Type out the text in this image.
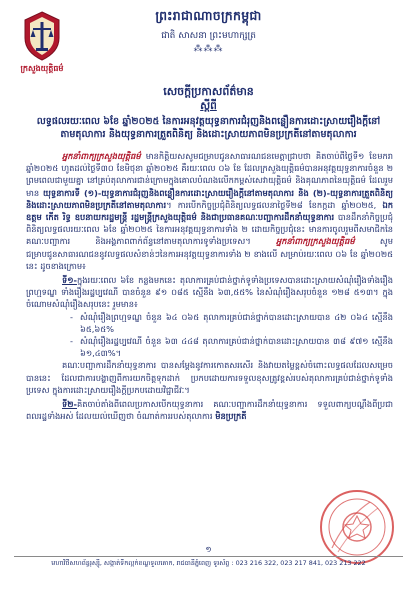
ក្រសួងយុត្តិធម៌
ព្រះរាជាណាចក្រកម្ពុជា
ជាតិ សាសនា ព្រះមហាក្សត្រ
⁂⁂⁂
សេចក្តីប្រកាសព័ត៌មាន
ស្តីពី
លទ្ធផលរយៈពេល ៦ខែ ឆ្នាំ២០២៥ នៃការអនុវត្តយុទ្ធនាការជំរុញនិងពន្លឿនការដោះស្រាយរឿងក្តីនៅតាមតុលាការ និងយុទ្ធនាការត្រួតពិនិត្យ និងដោះស្រាយភាពមិនប្រក្រតីនៅតាមតុលាការ

អ្នកនាំពាក្យក្រសួងយុត្តិធម៌ មានកិត្តិយសសូមជម្រាបជូនសាធារណជនមេត្តាជ្រាបថា គិតចាប់ពីថ្ងៃទី១ ខែមករា ឆ្នាំ២០២៥ ហូតដល់ថ្ងៃទី៣០ ខែមិថុនា ឆ្នាំ២០២៥ គឺរយៈពេល ០៦ ខែ ដែលក្រសួងយុត្តិធម៌បានអនុវត្តយុទ្ធនាការចំនួន ២ ព្រមពេលជាមួយគ្នា នៅគ្រប់តុលាការជាន់ក្រោមក្នុងគោលបំណងលើកកម្ពស់សេវាយុត្តិធម៌ និងគុណភាពនៃយុត្តិធម៌ ដែលរួមមាន យុទ្ធនាការទី (១)-យុទ្ធនាការជំរុញនិងពន្លឿនការដោះស្រាយរឿងក្តីនៅតាមតុលាការ និង (២)-យុទ្ធនាការត្រួតពិនិត្យនិងដោះស្រាយភាពមិនប្រក្រតីនៅតាមតុលាការ។ ការបើកកិច្ចប្រជុំពិនិត្យលទ្ធផលនាថ្ងៃទី២៨ ខែកក្កដា ឆ្នាំ២០២៥, ឯកឧត្តម កើត រិទ្ធ ឧបនាយករដ្ឋមន្ត្រី រដ្ឋមន្ត្រីក្រសួងយុត្តិធម៌ និងជាប្រធានគណៈបញ្ជាការដឹកនាំយុទ្ធនាការ បានដឹកនាំកិច្ចប្រជុំពិនិត្យលទ្ធផលរយៈពេល ៦ខែ ឆ្នាំ២០២៥ នៃការអនុវត្តយុទ្ធនាការទាំង ២ ដោយកិច្ចប្រជុំនេះ មានការចូលរួមពីសមាជិកនៃគណៈបញ្ជាការ និងអង្គភាពពាក់ព័ន្ធនៅតាមតុលាការទូទាំងប្រទេស។ អ្នកនាំពាក្យក្រសួងយុត្តិធម៌ សូមជម្រាបជូនសាធារណជននូវលទ្ធផលសំខាន់ៗនៃការអនុវត្តយុទ្ធនាការទាំង ២ ខាងលើ សម្រាប់រយៈពេល ០៦ ខែ ឆ្នាំ២០២៥ នេះ ដូចខាងក្រោម៖

ទី១-ក្នុងរយៈពេល ៦ខែ កន្លងមកនេះ តុលាការគ្រប់ជាន់ថ្នាក់ទូទាំងប្រទេសបានដោះស្រាយសំណុំរឿងទាំងរឿងព្រហ្មទណ្ឌ ទាំងរឿងរដ្ឋប្បវេណី បានចំនួន ៩១ ០៨៥ ស្មើនឹង ៦៣,៥៥% នៃសំណុំរឿងសរុបចំនួន ១២៨ ៥១៣។ ក្នុងចំណោមសំណុំរឿងសរុបនេះ រួមមាន៖

- សំណុំរឿងព្រហ្មទណ្ឌ ចំនួន ៦៤ ០៦៥ តុលាការគ្រប់ជាន់ថ្នាក់បានដោះស្រាយបាន ៤២ ០៦៤ ស្មើនឹង ៦៥,៦៥%
- សំណុំរឿងរដ្ឋប្បវេណី ចំនួន ៦៣ ៤៤៨ តុលាការគ្រប់ជាន់ថ្នាក់បានដោះស្រាយបាន ៣៨ ៩៧១ ស្មើនឹង ៦១,៤៣%។

គណៈបញ្ជាការដឹកនាំយុទ្ធនាការ បានសម្តែងនូវការកោតសរសើរ និងវាយតម្លៃខ្ពស់ចំពោះលទ្ធផលដែលសម្រេចបាននេះ ដែលជាការបង្ហាញពីការយកចិត្តទុកដាក់ ប្រកបដោយការទទួលខុសត្រូវខ្ពស់របស់តុលាការគ្រប់ជាន់ថ្នាក់ទូទាំងប្រទេស ក្នុងការដោះស្រាយរឿងក្តីប្រកបដោយវិជ្ជាជីវៈ។

ទី២-គិតចាប់តាំងពីពេលប្រកាសបើកយុទ្ធនាការ គណៈបញ្ជាការដឹកនាំយុទ្ធនាការ ទទួលពាក្យបណ្តឹងពីប្រជាពលរដ្ឋទាំងអស់ ដែលយល់ឃើញថា ចំណាត់ការរបស់តុលាការ មិនប្រក្រតី

១
មហាវិថីសហព័ន្ធរុស្ស៊ី, សង្កាត់ទឹកល្អក់ខណ្ឌទួលគោក, រាជធានីភ្នំពេញ ទូរស័ព្ទ : 023 216 322, 023 217 841, 023 213 222
